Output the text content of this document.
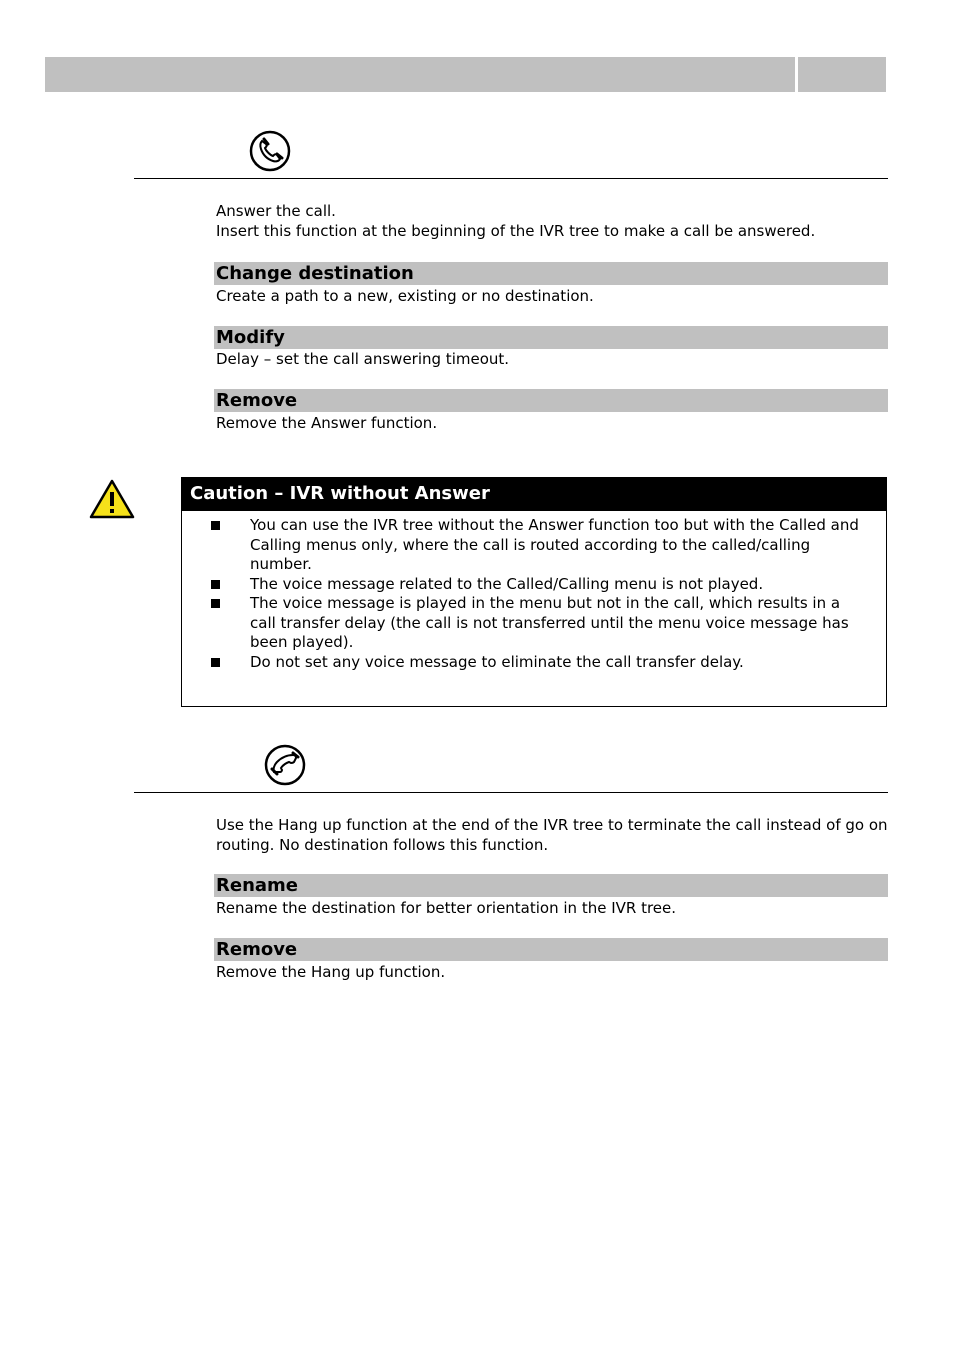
Answer the call.

Insert this function at the beginning of the IVR tree to make a call be answered.

Change destination
Create a path to a new, existing or no destination.
Modify
Delay – set the call answering timeout.
Remove
Remove the Answer function.
Caution – IVR without Answer
You can use the IVR tree without the Answer function too but with the Called and Calling menus only, where the call is routed according to the called/calling number.
The voice message related to the Called/Calling menu is not played.
The voice message is played in the menu but not in the call, which results in a call transfer delay (the call is not transferred until the menu voice message has been played).
Do not set any voice message to eliminate the call transfer delay.
Use the Hang up function at the end of the IVR tree to terminate the call instead of go on routing. No destination follows this function.
Rename
Rename the destination for better orientation in the IVR tree.
Remove
Remove the Hang up function.
